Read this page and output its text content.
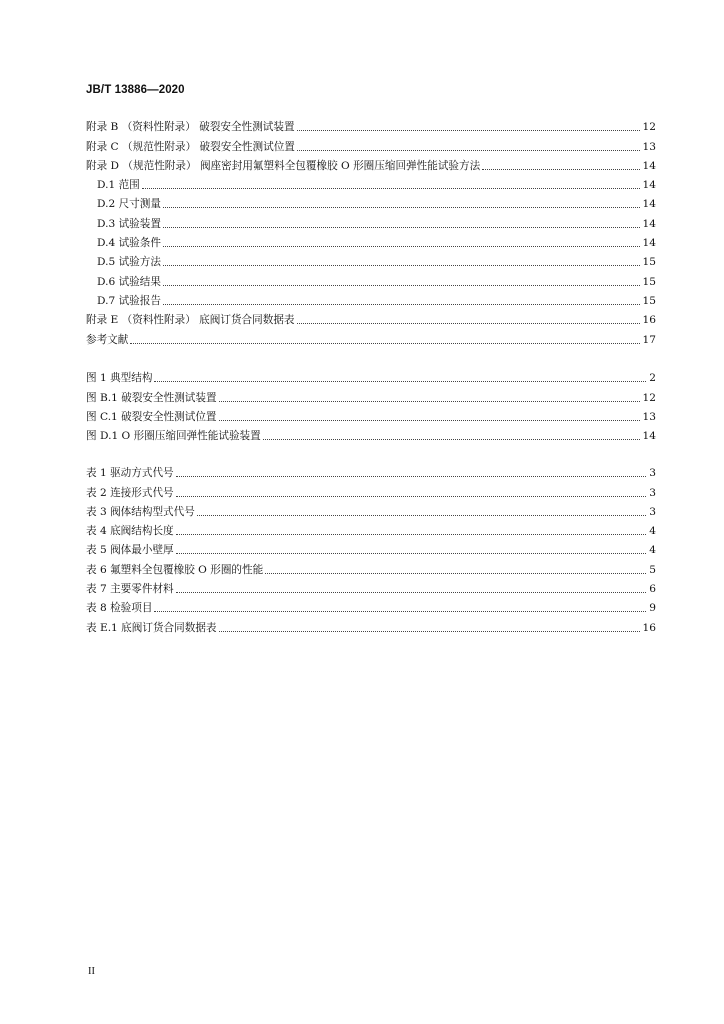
JB/T 13886—2020
附录 B （资料性附录） 破裂安全性测试装置	12
附录 C （规范性附录） 破裂安全性测试位置	13
附录 D （规范性附录） 阀座密封用氟塑料全包覆橡胶 O 形圈压缩回弹性能试验方法	14
D.1 范围	14
D.2 尺寸测量	14
D.3 试验装置	14
D.4 试验条件	14
D.5 试验方法	15
D.6 试验结果	15
D.7 试验报告	15
附录 E （资料性附录） 底阀订货合同数据表	16
参考文献	17
图 1 典型结构	2
图 B.1 破裂安全性测试装置	12
图 C.1 破裂安全性测试位置	13
图 D.1 O 形圈压缩回弹性能试验装置	14
表 1 驱动方式代号	3
表 2 连接形式代号	3
表 3 阀体结构型式代号	3
表 4 底阀结构长度	4
表 5 阀体最小壁厚	4
表 6 氟塑料全包覆橡胶 O 形圈的性能	5
表 7 主要零件材料	6
表 8 检验项目	9
表 E.1 底阀订货合同数据表	16
II
